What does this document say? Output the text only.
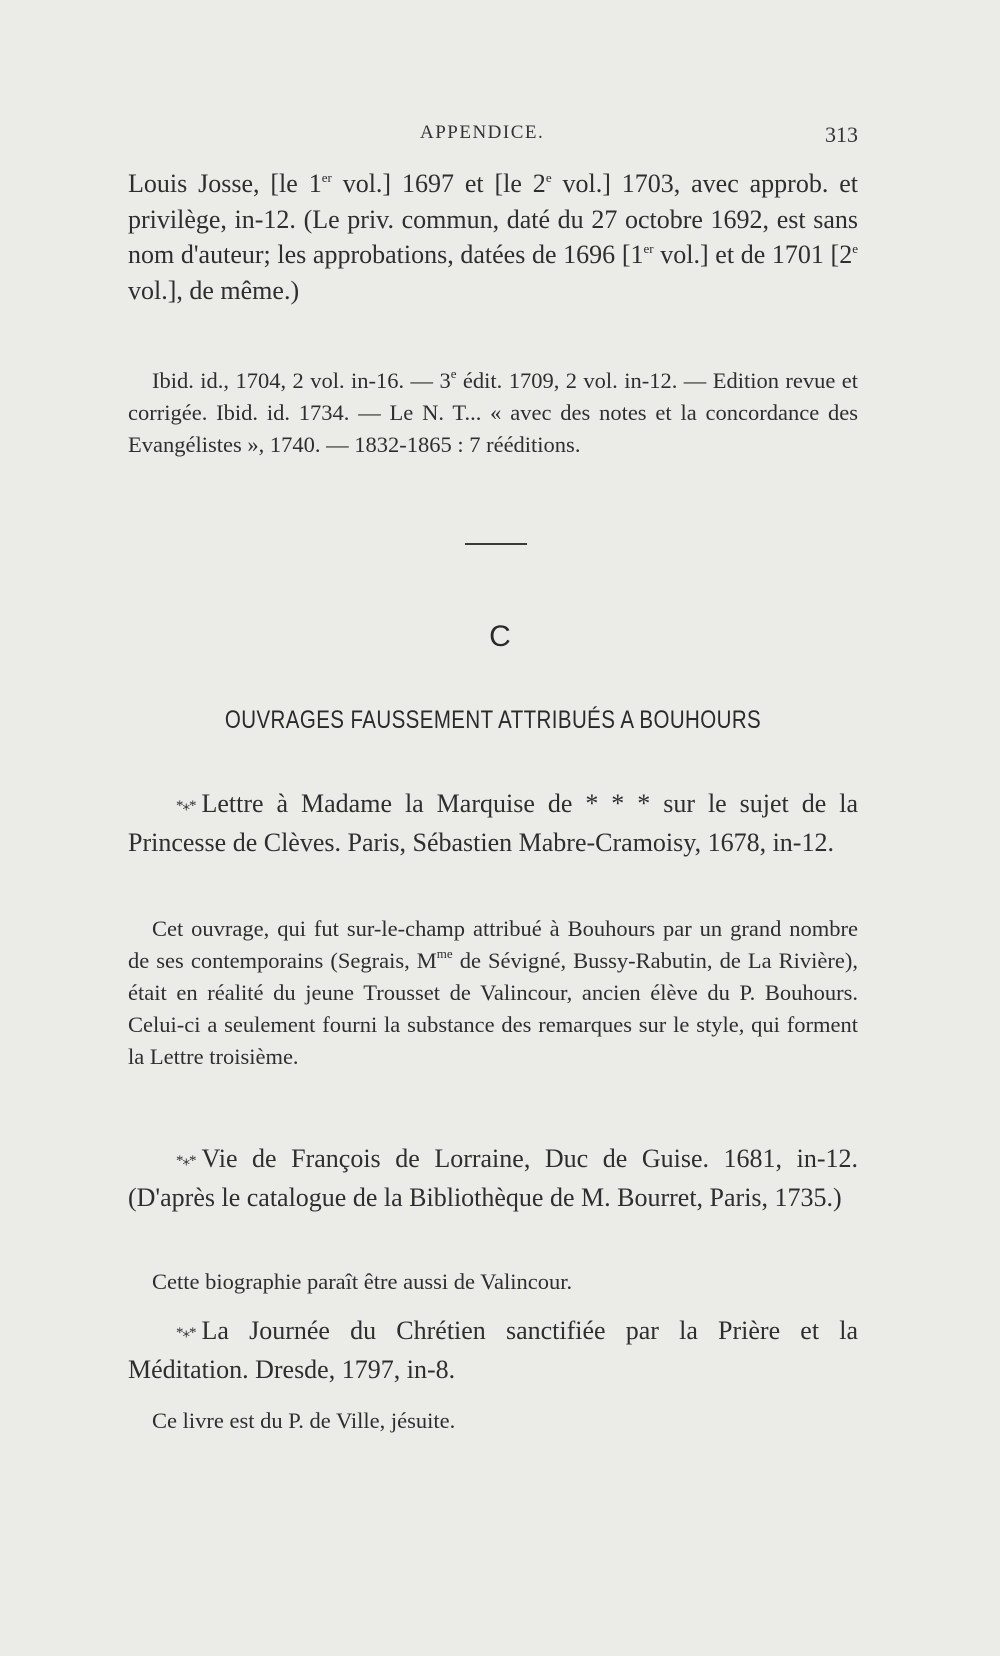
APPENDICE.	313

Louis Josse, [le 1er vol.] 1697 et [le 2e vol.] 1703, avec approb. et privilège, in-12. (Le priv. commun, daté du 27 octobre 1692, est sans nom d'auteur; les approbations, datées de 1696 [1er vol.] et de 1701 [2e vol.], de même.)

Ibid. id., 1704, 2 vol. in-16. — 3e édit. 1709, 2 vol. in-12. — Edition revue et corrigée. Ibid. id. 1734. — Le N. T... « avec des notes et la concordance des Evangélistes », 1740. — 1832-1865 : 7 rééditions.

C
OUVRAGES FAUSSEMENT ATTRIBUÉS A BOUHOURS

*⁎* Lettre à Madame la Marquise de * * * sur le sujet de la Princesse de Clèves. Paris, Sébastien Mabre-Cramoisy, 1678, in-12.

Cet ouvrage, qui fut sur-le-champ attribué à Bouhours par un grand nombre de ses contemporains (Segrais, $M^{me}$ de Sévigné, Bussy-Rabutin, de La Rivière), était en réalité du jeune Trousset de Valincour, ancien élève du P. Bouhours. Celui-ci a seulement fourni la substance des remarques sur le style, qui forment la Lettre troisième.

*⁎* Vie de François de Lorraine, Duc de Guise. 1681, in-12. (D'après le catalogue de la Bibliothèque de M. Bourret, Paris, 1735.)

Cette biographie paraît être aussi de Valincour.

*⁎* La Journée du Chrétien sanctifiée par la Prière et la Méditation. Dresde, 1797, in-8.

Ce livre est du P. de Ville, jésuite.
